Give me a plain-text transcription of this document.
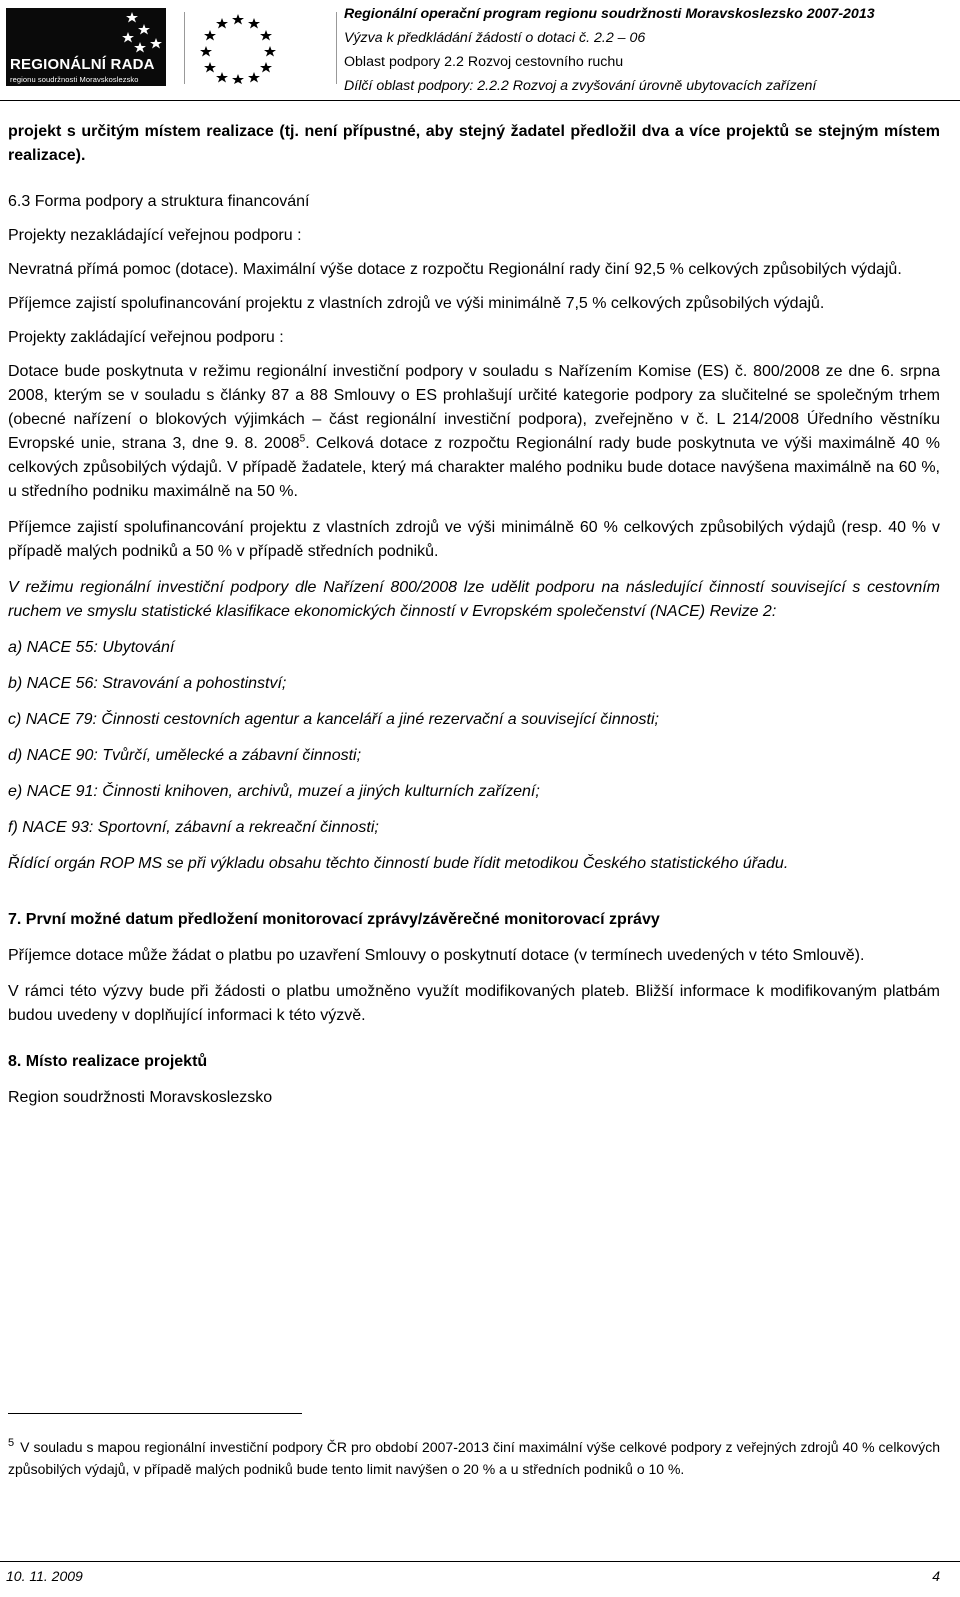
REGIONÁLNÍ RADA
regionu soudržnosti Moravskoslezsko
Regionální operační program regionu soudržnosti Moravskoslezsko 2007-2013
Výzva k předkládání žádostí o dotaci č. 2.2 – 06
Oblast podpory 2.2 Rozvoj cestovního ruchu
Dílčí oblast podpory: 2.2.2 Rozvoj a zvyšování úrovně ubytovacích zařízení

projekt s určitým místem realizace (tj. není přípustné, aby stejný žadatel předložil dva a více projektů se stejným místem realizace).

6.3 Forma podpory a struktura financování

Projekty nezakládající veřejnou podporu :

Nevratná přímá pomoc (dotace). Maximální výše dotace z rozpočtu Regionální rady činí 92,5 % celkových způsobilých výdajů.

Příjemce zajistí spolufinancování projektu z vlastních zdrojů ve výši minimálně 7,5 % celkových způsobilých výdajů.

Projekty zakládající veřejnou podporu :

Dotace bude poskytnuta v režimu regionální investiční podpory v souladu s Nařízením Komise (ES) č. 800/2008 ze dne 6. srpna 2008, kterým se v souladu s články 87 a 88 Smlouvy o ES prohlašují určité kategorie podpory za slučitelné se společným trhem (obecné nařízení o blokových výjimkách – část regionální investiční podpora), zveřejněno v č. L 214/2008 Úředního věstníku Evropské unie, strana 3, dne 9. 8. 2008$^5$. Celková dotace z rozpočtu Regionální rady bude poskytnuta ve výši maximálně 40 % celkových způsobilých výdajů. V případě žadatele, který má charakter malého podniku bude dotace navýšena maximálně na 60 %, u středního podniku maximálně na 50 %.

Příjemce zajistí spolufinancování projektu z vlastních zdrojů ve výši minimálně 60 % celkových způsobilých výdajů (resp. 40 % v případě malých podniků a 50 % v případě středních podniků.

V režimu regionální investiční podpory dle Nařízení 800/2008 lze udělit podporu na následující činností související s cestovním ruchem ve smyslu statistické klasifikace ekonomických činností v Evropském společenství (NACE) Revize 2:

a) NACE 55: Ubytování

b) NACE 56: Stravování a pohostinství;

c) NACE 79: Činnosti cestovních agentur a kanceláří a jiné rezervační a související činnosti;

d) NACE 90: Tvůrčí, umělecké a zábavní činnosti;

e) NACE 91: Činnosti knihoven, archivů, muzeí a jiných kulturních zařízení;

f) NACE 93: Sportovní, zábavní a rekreační činnosti;

Řídící orgán ROP MS se při výkladu obsahu těchto činností bude řídit metodikou Českého statistického úřadu.

7. První možné datum předložení monitorovací zprávy/závěrečné monitorovací zprávy

Příjemce dotace může žádat o platbu po uzavření Smlouvy o poskytnutí dotace (v termínech uvedených v této Smlouvě).

V rámci této výzvy bude při žádosti o platbu umožněno využít modifikovaných plateb. Bližší informace k modifikovaným platbám budou uvedeny v doplňující informaci k této výzvě.

8. Místo realizace projektů

Region soudržnosti Moravskoslezsko

$^5$ V souladu s mapou regionální investiční podpory ČR pro období 2007-2013 činí maximální výše celkové podpory z veřejných zdrojů 40 % celkových způsobilých výdajů, v případě malých podniků bude tento limit navýšen o 20 % a u středních podniků o 10 %.
10. 11. 2009	4
